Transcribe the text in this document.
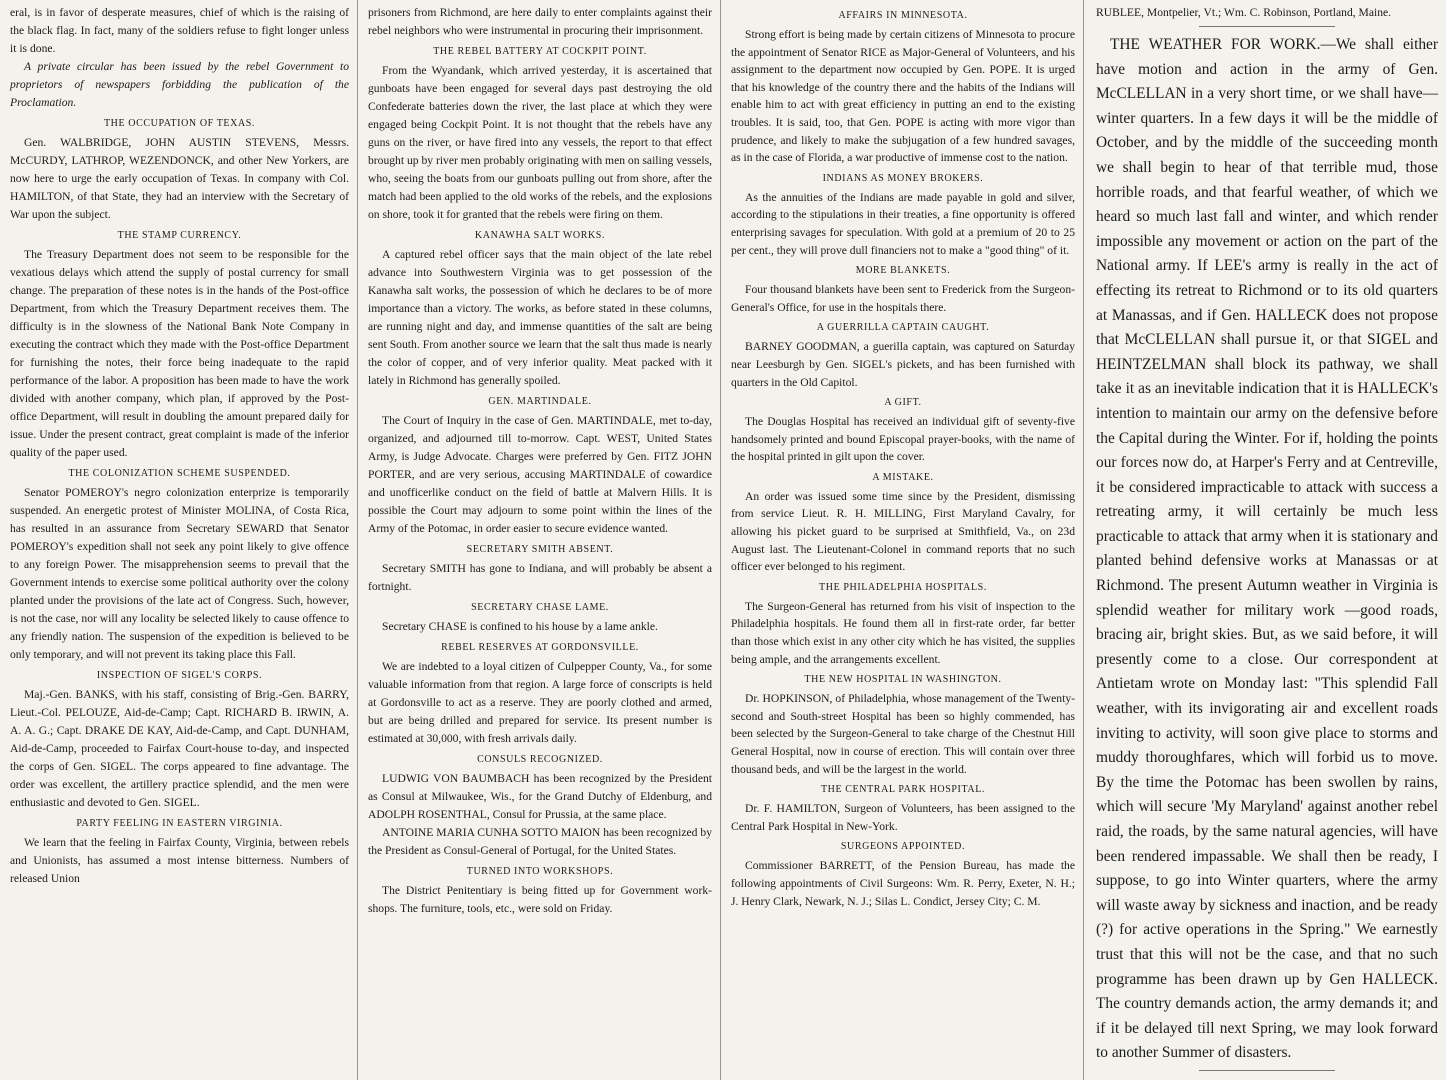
eral, is in favor of desperate measures, chief of which is the raising of the black flag. In fact, many of the soldiers refuse to fight longer unless it is done.

A private circular has been issued by the rebel Government to proprietors of newspapers forbidding the publication of the Proclamation.

THE OCCUPATION OF TEXAS.

Gen. WALBRIDGE, JOHN AUSTIN STEVENS, Messrs. McCURDY, LATHROP, WEZENDONCK, and other New Yorkers, are now here to urge the early occupation of Texas. In company with Col. HAMILTON, of that State, they had an interview with the Secretary of War upon the subject.

THE STAMP CURRENCY.

The Treasury Department does not seem to be responsible for the vexatious delays which attend the supply of postal currency for small change. The preparation of these notes is in the hands of the Post-office Department, from which the Treasury Department receives them. The difficulty is in the slowness of the National Bank Note Company in executing the contract which they made with the Post-office Department for furnishing the notes, their force being inadequate to the rapid performance of the labor. A proposition has been made to have the work divided with another company, which plan, if approved by the Post-office Department, will result in doubling the amount prepared daily for issue. Under the present contract, great complaint is made of the inferior quality of the paper used.

THE COLONIZATION SCHEME SUSPENDED.

Senator POMEROY's negro colonization enterprize is temporarily suspended. An energetic protest of Minister MOLINA, of Costa Rica, has resulted in an assurance from Secretary SEWARD that Senator POMEROY's expedition shall not seek any point likely to give offence to any foreign Power. The misapprehension seems to prevail that the Government intends to exercise some political authority over the colony planted under the provisions of the late act of Congress. Such, however, is not the case, nor will any locality be selected likely to cause offence to any friendly nation. The suspension of the expedition is believed to be only temporary, and will not prevent its taking place this Fall.

INSPECTION OF SIGEL'S CORPS.

Maj.-Gen. BANKS, with his staff, consisting of Brig.-Gen. BARRY, Lieut.-Col. PELOUZE, Aid-de-Camp; Capt. RICHARD B. IRWIN, A. A. A. G.; Capt. DRAKE DE KAY, Aid-de-Camp, and Capt. DUNHAM, Aid-de-Camp, proceeded to Fairfax Court-house to-day, and inspected the corps of Gen. SIGEL. The corps appeared to fine advantage. The order was excellent, the artillery practice splendid, and the men were enthusiastic and devoted to Gen. SIGEL.

PARTY FEELING IN EASTERN VIRGINIA.

We learn that the feeling in Fairfax County, Virginia, between rebels and Unionists, has assumed a most intense bitterness. Numbers of released Union

prisoners from Richmond, are here daily to enter complaints against their rebel neighbors who were instrumental in procuring their imprisonment.

THE REBEL BATTERY AT COCKPIT POINT.

From the Wyandank, which arrived yesterday, it is ascertained that gunboats have been engaged for several days past destroying the old Confederate batteries down the river, the last place at which they were engaged being Cockpit Point. It is not thought that the rebels have any guns on the river, or have fired into any vessels, the report to that effect brought up by river men probably originating with men on sailing vessels, who, seeing the boats from our gunboats pulling out from shore, after the match had been applied to the old works of the rebels, and the explosions on shore, took it for granted that the rebels were firing on them.

KANAWHA SALT WORKS.

A captured rebel officer says that the main object of the late rebel advance into Southwestern Virginia was to get possession of the Kanawha salt works, the possession of which he declares to be of more importance than a victory. The works, as before stated in these columns, are running night and day, and immense quantities of the salt are being sent South. From another source we learn that the salt thus made is nearly the color of copper, and of very inferior quality. Meat packed with it lately in Richmond has generally spoiled.

GEN. MARTINDALE.

The Court of Inquiry in the case of Gen. MARTINDALE, met to-day, organized, and adjourned till to-morrow. Capt. WEST, United States Army, is Judge Advocate. Charges were preferred by Gen. FITZ JOHN PORTER, and are very serious, accusing MARTINDALE of cowardice and unofficerlike conduct on the field of battle at Malvern Hills. It is possible the Court may adjourn to some point within the lines of the Army of the Potomac, in order easier to secure evidence wanted.

SECRETARY SMITH ABSENT.

Secretary SMITH has gone to Indiana, and will probably be absent a fortnight.

SECRETARY CHASE LAME.

Secretary CHASE is confined to his house by a lame ankle.

REBEL RESERVES AT GORDONSVILLE.

We are indebted to a loyal citizen of Culpepper County, Va., for some valuable information from that region. A large force of conscripts is held at Gordonsville to act as a reserve. They are poorly clothed and armed, but are being drilled and prepared for service. Its present number is estimated at 30,000, with fresh arrivals daily.

CONSULS RECOGNIZED.

LUDWIG VON BAUMBACH has been recognized by the President as Consul at Milwaukee, Wis., for the Grand Dutchy of Eldenburg, and ADOLPH ROSENTHAL, Consul for Prussia, at the same place.

ANTOINE MARIA CUNHA SOTTO MAION has been recognized by the President as Consul-General of Portugal, for the United States.

TURNED INTO WORKSHOPS.

The District Penitentiary is being fitted up for Government work-shops. The furniture, tools, etc., were sold on Friday.

AFFAIRS IN MINNESOTA.

Strong effort is being made by certain citizens of Minnesota to procure the appointment of Senator RICE as Major-General of Volunteers, and his assignment to the department now occupied by Gen. POPE. It is urged that his knowledge of the country there and the habits of the Indians will enable him to act with great efficiency in putting an end to the existing troubles. It is said, too, that Gen. POPE is acting with more vigor than prudence, and likely to make the subjugation of a few hundred savages, as in the case of Florida, a war productive of immense cost to the nation.

INDIANS AS MONEY BROKERS.

As the annuities of the Indians are made payable in gold and silver, according to the stipulations in their treaties, a fine opportunity is offered enterprising savages for speculation. With gold at a premium of 20 to 25 per cent., they will prove dull financiers not to make a "good thing" of it.

MORE BLANKETS.

Four thousand blankets have been sent to Frederick from the Surgeon-General's Office, for use in the hospitals there.

A GUERRILLA CAPTAIN CAUGHT.

BARNEY GOODMAN, a guerilla captain, was captured on Saturday near Leesburgh by Gen. SIGEL's pickets, and has been furnished with quarters in the Old Capitol.

A GIFT.

The Douglas Hospital has received an individual gift of seventy-five handsomely printed and bound Episcopal prayer-books, with the name of the hospital printed in gilt upon the cover.

A MISTAKE.

An order was issued some time since by the President, dismissing from service Lieut. R. H. MILLING, First Maryland Cavalry, for allowing his picket guard to be surprised at Smithfield, Va., on 23d August last. The Lieutenant-Colonel in command reports that no such officer ever belonged to his regiment.

THE PHILADELPHIA HOSPITALS.

The Surgeon-General has returned from his visit of inspection to the Philadelphia hospitals. He found them all in first-rate order, far better than those which exist in any other city which he has visited, the supplies being ample, and the arrangements excellent.

THE NEW HOSPITAL IN WASHINGTON.

Dr. HOPKINSON, of Philadelphia, whose management of the Twenty-second and South-street Hospital has been so highly commended, has been selected by the Surgeon-General to take charge of the Chestnut Hill General Hospital, now in course of erection. This will contain over three thousand beds, and will be the largest in the world.

THE CENTRAL PARK HOSPITAL.

Dr. F. HAMILTON, Surgeon of Volunteers, has been assigned to the Central Park Hospital in New-York.

SURGEONS APPOINTED.

Commissioner BARRETT, of the Pension Bureau, has made the following appointments of Civil Surgeons: Wm. R. Perry, Exeter, N. H.; J. Henry Clark, Newark, N. J.; Silas L. Condict, Jersey City; C. M.

RUBLEE, Montpelier, Vt.; Wm. C. Robinson, Portland, Maine.

THE WEATHER FOR WORK.—We shall either have motion and action in the army of Gen. McCLELLAN in a very short time, or we shall have—winter quarters. In a few days it will be the middle of October, and by the middle of the succeeding month we shall begin to hear of that terrible mud, those horrible roads, and that fearful weather, of which we heard so much last fall and winter, and which render impossible any movement or action on the part of the National army. If LEE's army is really in the act of effecting its retreat to Richmond or to its old quarters at Manassas, and if Gen. HALLECK does not propose that McCLELLAN shall pursue it, or that SIGEL and HEINTZELMAN shall block its pathway, we shall take it as an inevitable indication that it is HALLECK's intention to maintain our army on the defensive before the Capital during the Winter. For if, holding the points our forces now do, at Harper's Ferry and at Centreville, it be considered impracticable to attack with success a retreating army, it will certainly be much less practicable to attack that army when it is stationary and planted behind defensive works at Manassas or at Richmond. The present Autumn weather in Virginia is splendid weather for military work —good roads, bracing air, bright skies. But, as we said before, it will presently come to a close. Our correspondent at Antietam wrote on Monday last: "This splendid Fall weather, with its invigorating air and excellent roads inviting to activity, will soon give place to storms and muddy thoroughfares, which will forbid us to move. By the time the Potomac has been swollen by rains, which will secure 'My Maryland' against another rebel raid, the roads, by the same natural agencies, will have been rendered impassable. We shall then be ready, I suppose, to go into Winter quarters, where the army will waste away by sickness and inaction, and be ready (?) for active operations in the Spring." We earnestly trust that this will not be the case, and that no such programme has been drawn up by Gen HALLECK. The country demands action, the army demands it; and if it be delayed till next Spring, we may look forward to another Summer of disasters.
